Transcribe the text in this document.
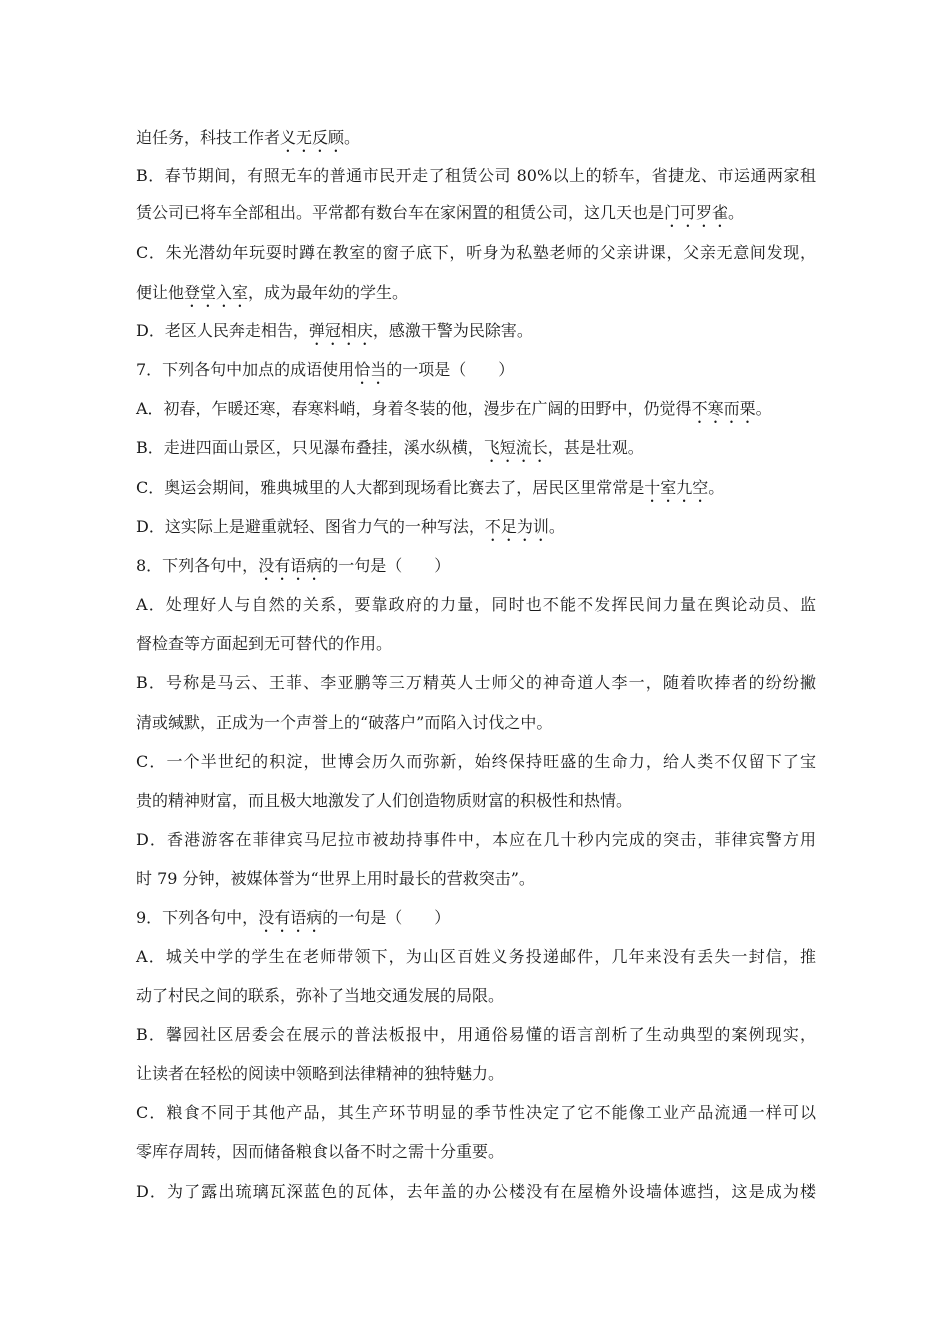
迫任务，科技工作者义无反顾。
B．春节期间，有照无车的普通市民开走了租赁公司 80%以上的轿车，省捷龙、市运通两家租
赁公司已将车全部租出。平常都有数台车在家闲置的租赁公司，这几天也是门可罗雀。
C．朱光潜幼年玩耍时蹲在教室的窗子底下，听身为私塾老师的父亲讲课，父亲无意间发现，
便让他登堂入室，成为最年幼的学生。
D．老区人民奔走相告，弹冠相庆，感激干警为民除害。
7．下列各句中加点的成语使用恰当的一项是（　　）
A．初春，乍暖还寒，春寒料峭，身着冬装的他，漫步在广阔的田野中，仍觉得不寒而栗。
B．走进四面山景区，只见瀑布叠挂，溪水纵横，飞短流长，甚是壮观。
C．奥运会期间，雅典城里的人大都到现场看比赛去了，居民区里常常是十室九空。
D．这实际上是避重就轻、图省力气的一种写法，不足为训。
8．下列各句中，没有语病的一句是（　　）
A．处理好人与自然的关系，要靠政府的力量，同时也不能不发挥民间力量在舆论动员、监
督检查等方面起到无可替代的作用。
B．号称是马云、王菲、李亚鹏等三万精英人士师父的神奇道人李一，随着吹捧者的纷纷撇
清或缄默，正成为一个声誉上的“破落户”而陷入讨伐之中。
C．一个半世纪的积淀，世博会历久而弥新，始终保持旺盛的生命力，给人类不仅留下了宝
贵的精神财富，而且极大地激发了人们创造物质财富的积极性和热情。
D．香港游客在菲律宾马尼拉市被劫持事件中，本应在几十秒内完成的突击，菲律宾警方用
时 79 分钟，被媒体誉为“世界上用时最长的营救突击”。
9．下列各句中，没有语病的一句是（　　）
A．城关中学的学生在老师带领下，为山区百姓义务投递邮件，几年来没有丢失一封信，推
动了村民之间的联系，弥补了当地交通发展的局限。
B．馨园社区居委会在展示的普法板报中，用通俗易懂的语言剖析了生动典型的案例现实，
让读者在轻松的阅读中领略到法律精神的独特魅力。
C．粮食不同于其他产品，其生产环节明显的季节性决定了它不能像工业产品流通一样可以
零库存周转，因而储备粮食以备不时之需十分重要。
D．为了露出琉璃瓦深蓝色的瓦体，去年盖的办公楼没有在屋檐外设墙体遮挡，这是成为楼
